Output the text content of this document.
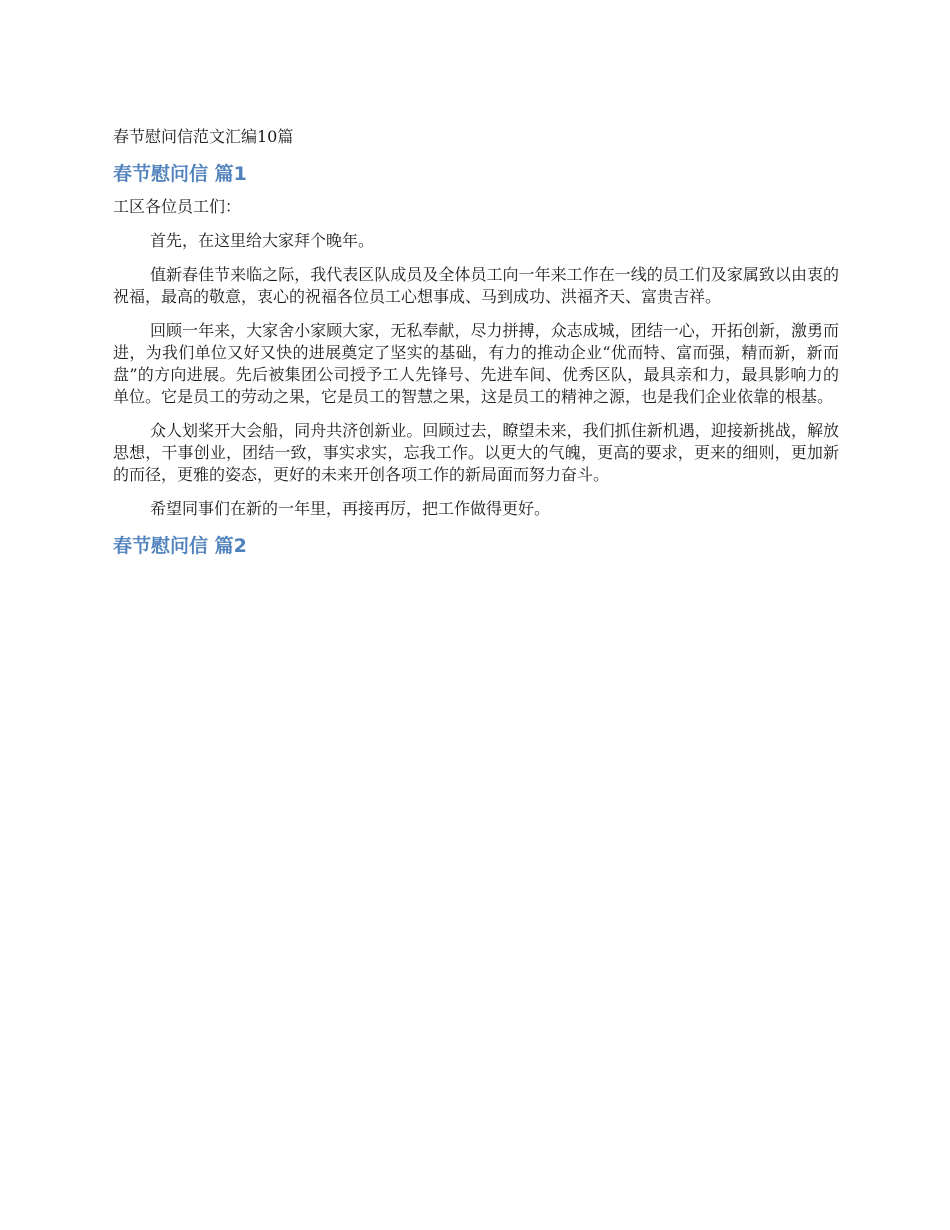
春节慰问信范文汇编10篇
春节慰问信 篇1
工区各位员工们：

首先，在这里给大家拜个晚年。

值新春佳节来临之际，我代表区队成员及全体员工向一年来工作在一线的员工们及家属致以由衷的祝福，最高的敬意，衷心的祝福各位员工心想事成、马到成功、洪福齐天、富贵吉祥。

回顾一年来，大家舍小家顾大家，无私奉献，尽力拼搏，众志成城，团结一心，开拓创新，激勇而进，为我们单位又好又快的进展奠定了坚实的基础，有力的推动企业“优而特、富而强，精而新，新而盘”的方向进展。先后被集团公司授予工人先锋号、先进车间、优秀区队，最具亲和力，最具影响力的单位。它是员工的劳动之果，它是员工的智慧之果，这是员工的精神之源，也是我们企业依靠的根基。

众人划桨开大会船，同舟共济创新业。回顾过去，瞭望未来，我们抓住新机遇，迎接新挑战，解放思想，干事创业，团结一致，事实求实，忘我工作。以更大的气魄，更高的要求，更来的细则，更加新的而径，更雅的姿态，更好的未来开创各项工作的新局面而努力奋斗。

希望同事们在新的一年里，再接再厉，把工作做得更好。

春节慰问信 篇2
